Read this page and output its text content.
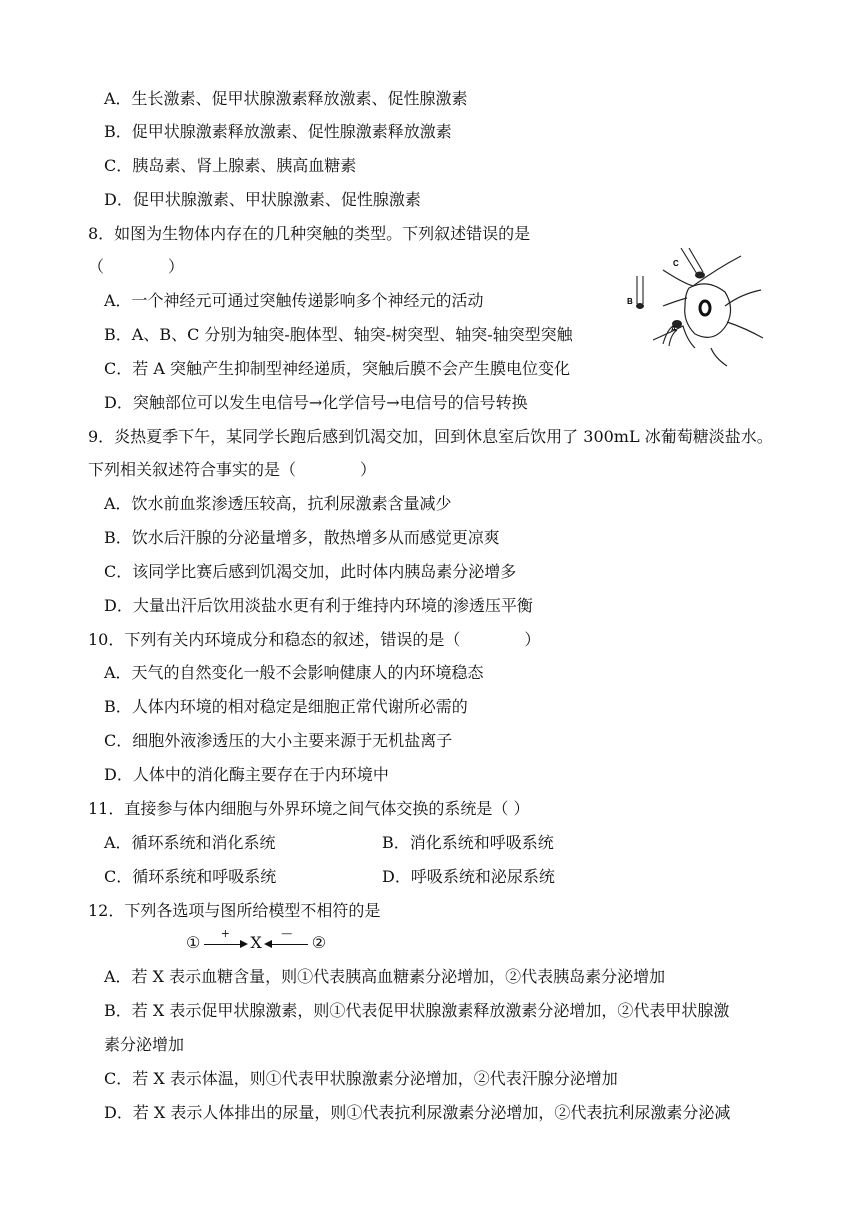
A．生长激素、促甲状腺激素释放激素、促性腺激素
B．促甲状腺激素释放激素、促性腺激素释放激素
C．胰岛素、肾上腺素、胰高血糖素
D．促甲状腺激素、甲状腺激素、促性腺激素
8．如图为生物体内存在的几种突触的类型。下列叙述错误的是
（　　　　）
A．一个神经元可通过突触传递影响多个神经元的活动
B．A、B、C 分别为轴突-胞体型、轴突-树突型、轴突-轴突型突触
C．若 A 突触产生抑制型神经递质，突触后膜不会产生膜电位变化
D．突触部位可以发生电信号→化学信号→电信号的信号转换
C
B
A
9．炎热夏季下午，某同学长跑后感到饥渴交加，回到休息室后饮用了 300mL 冰葡萄糖淡盐水。
下列相关叙述符合事实的是（　　　　）
A．饮水前血浆渗透压较高，抗利尿激素含量减少
B．饮水后汗腺的分泌量增多，散热增多从而感觉更凉爽
C．该同学比赛后感到饥渴交加，此时体内胰岛素分泌增多
D．大量出汗后饮用淡盐水更有利于维持内环境的渗透压平衡
10．下列有关内环境成分和稳态的叙述，错误的是（　　　　）
A．天气的自然变化一般不会影响健康人的内环境稳态
B．人体内环境的相对稳定是细胞正常代谢所必需的
C．细胞外液渗透压的大小主要来源于无机盐离子
D．人体中的消化酶主要存在于内环境中
11．直接参与体内细胞与外界环境之间气体交换的系统是（ ）
A．循环系统和消化系统	B．消化系统和呼吸系统
C．循环系统和呼吸系统	D．呼吸系统和泌尿系统
12．下列各选项与图所给模型不相符的是
①	+	X	—	②
A．若 X 表示血糖含量，则①代表胰高血糖素分泌增加，②代表胰岛素分泌增加
B．若 X 表示促甲状腺激素，则①代表促甲状腺激素释放激素分泌增加，②代表甲状腺激
素分泌增加
C．若 X 表示体温，则①代表甲状腺激素分泌增加，②代表汗腺分泌增加
D．若 X 表示人体排出的尿量，则①代表抗利尿激素分泌增加，②代表抗利尿激素分泌减
